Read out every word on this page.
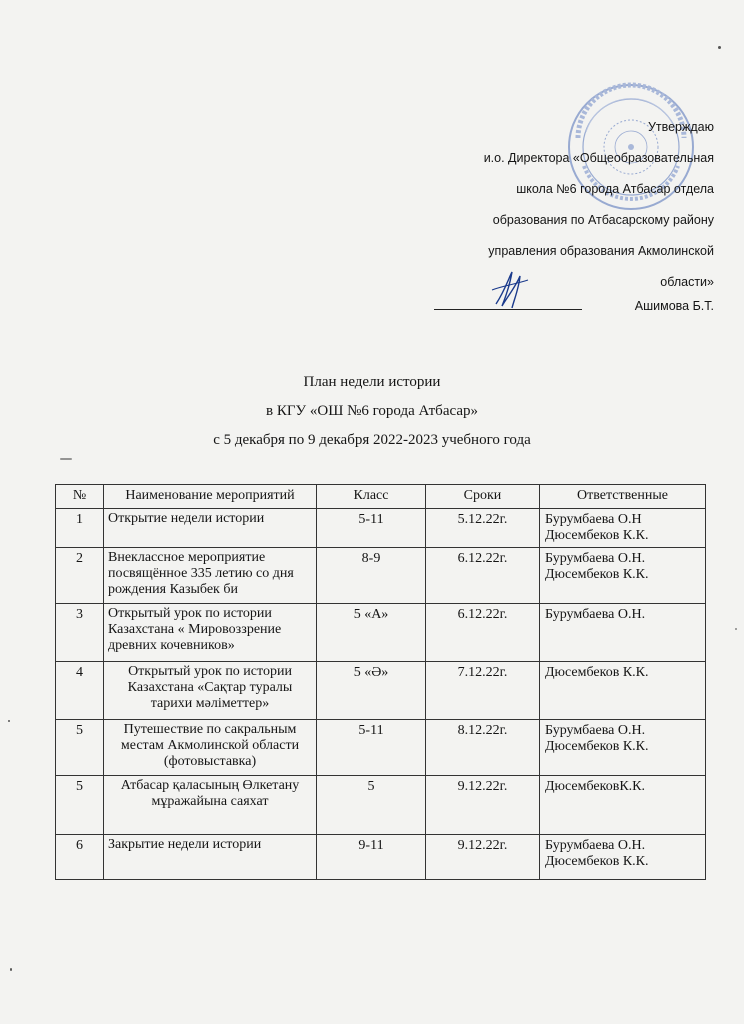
Утверждаю
и.о. Директора «Общеобразовательная
школа №6 города Атбасар отдела
образования по Атбасарскому району
управления образования Акмолинской
области»
Ашимова Б.Т.
План недели истории
в КГУ «ОШ №6 города Атбасар»
с 5 декабря по 9 декабря 2022-2023 учебного года
№	Наименование мероприятий	Класс	Сроки	Ответственные
1	Открытие недели истории	5-11	5.12.22г.	Бурумбаева О.Н
Дюсембеков К.К.

2	Внеклассное мероприятие посвящённое 335 летию со дня рождения Казыбек би	8-9	6.12.22г.	Бурумбаева О.Н.
Дюсембеков К.К.

3	Открытый урок по истории Казахстана « Мировоззрение древних кочевников»	5 «А»	6.12.22г.	Бурумбаева О.Н.

4	Открытый урок по истории Казахстана «Сақтар туралы тарихи мәліметтер»	5 «Ә»	7.12.22г.	Дюсембеков К.К.

5	Путешествие по сакральным местам Акмолинской области (фотовыставка)	5-11	8.12.22г.	Бурумбаева О.Н.
Дюсембеков К.К.

5	Атбасар қаласының Өлкетану мұражайына саяхат	5	9.12.22г.	ДюсембековК.К.

6	Закрытие недели истории	9-11	9.12.22г.	Бурумбаева О.Н.
Дюсембеков К.К.
